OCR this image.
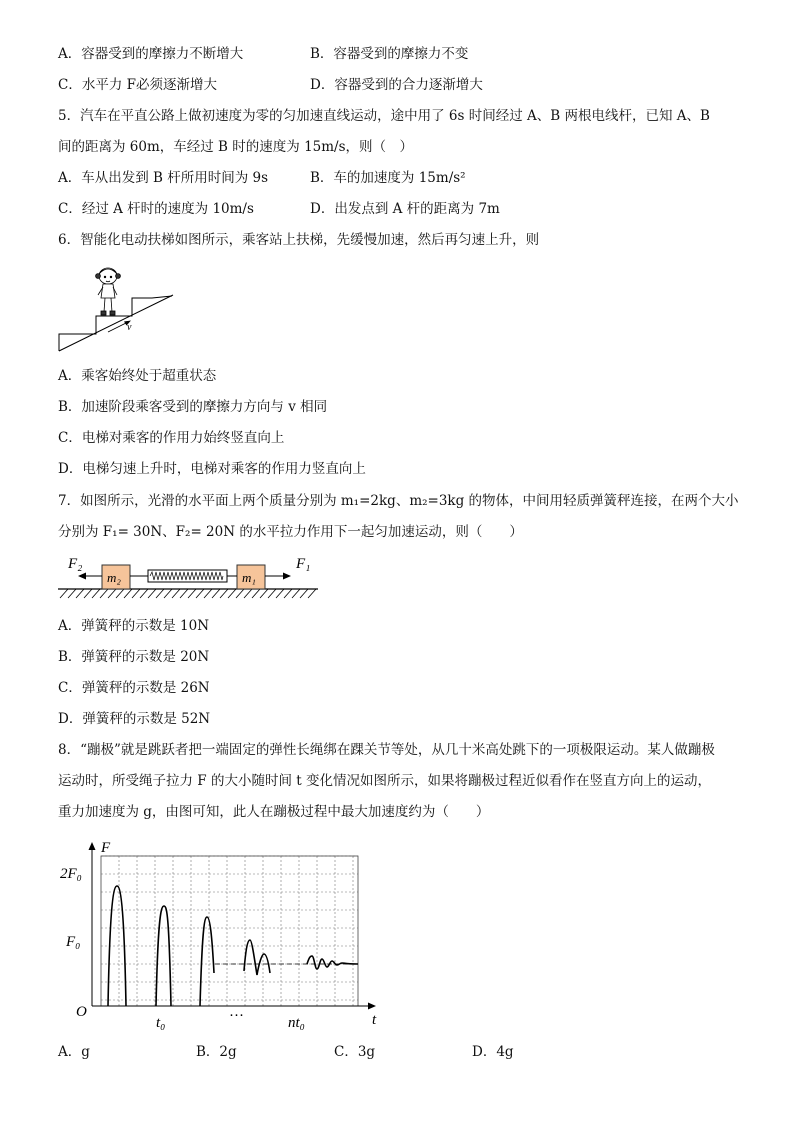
A．容器受到的摩擦力不断增大	B．容器受到的摩擦力不变
C．水平力 F必须逐渐增大	D．容器受到的合力逐渐增大
5．汽车在平直公路上做初速度为零的匀加速直线运动，途中用了 6s 时间经过 A、B 两根电线杆，已知 A、B
间的距离为 60m，车经过 B 时的速度为 15m/s，则（　）
A．车从出发到 B 杆所用时间为 9s	B．车的加速度为 15m/s²
C．经过 A 杆时的速度为 10m/s	D．出发点到 A 杆的距离为 7m
6．智能化电动扶梯如图所示，乘客站上扶梯，先缓慢加速，然后再匀速上升，则
v
A．乘客始终处于超重状态
B．加速阶段乘客受到的摩擦力方向与 v 相同
C．电梯对乘客的作用力始终竖直向上
D．电梯匀速上升时，电梯对乘客的作用力竖直向上
7．如图所示，光滑的水平面上两个质量分别为 m₁=2kg、m₂=3kg 的物体，中间用轻质弹簧秤连接，在两个大小
分别为 F₁= 30N、F₂= 20N 的水平拉力作用下一起匀加速运动，则（　　）
m₂	m₁
F₂	F₁
A．弹簧秤的示数是 10N
B．弹簧秤的示数是 20N
C．弹簧秤的示数是 26N
D．弹簧秤的示数是 52N
8．“蹦极”就是跳跃者把一端固定的弹性长绳绑在踝关节等处，从几十米高处跳下的一项极限运动。某人做蹦极
运动时，所受绳子拉力 F 的大小随时间 t 变化情况如图所示，如果将蹦极过程近似看作在竖直方向上的运动，
重力加速度为 g，由图可知，此人在蹦极过程中最大加速度约为（　　）
F
2F₀
F₀
O
t₀	···	nt₀	t
A．g	B．2g	C．3g	D．4g
